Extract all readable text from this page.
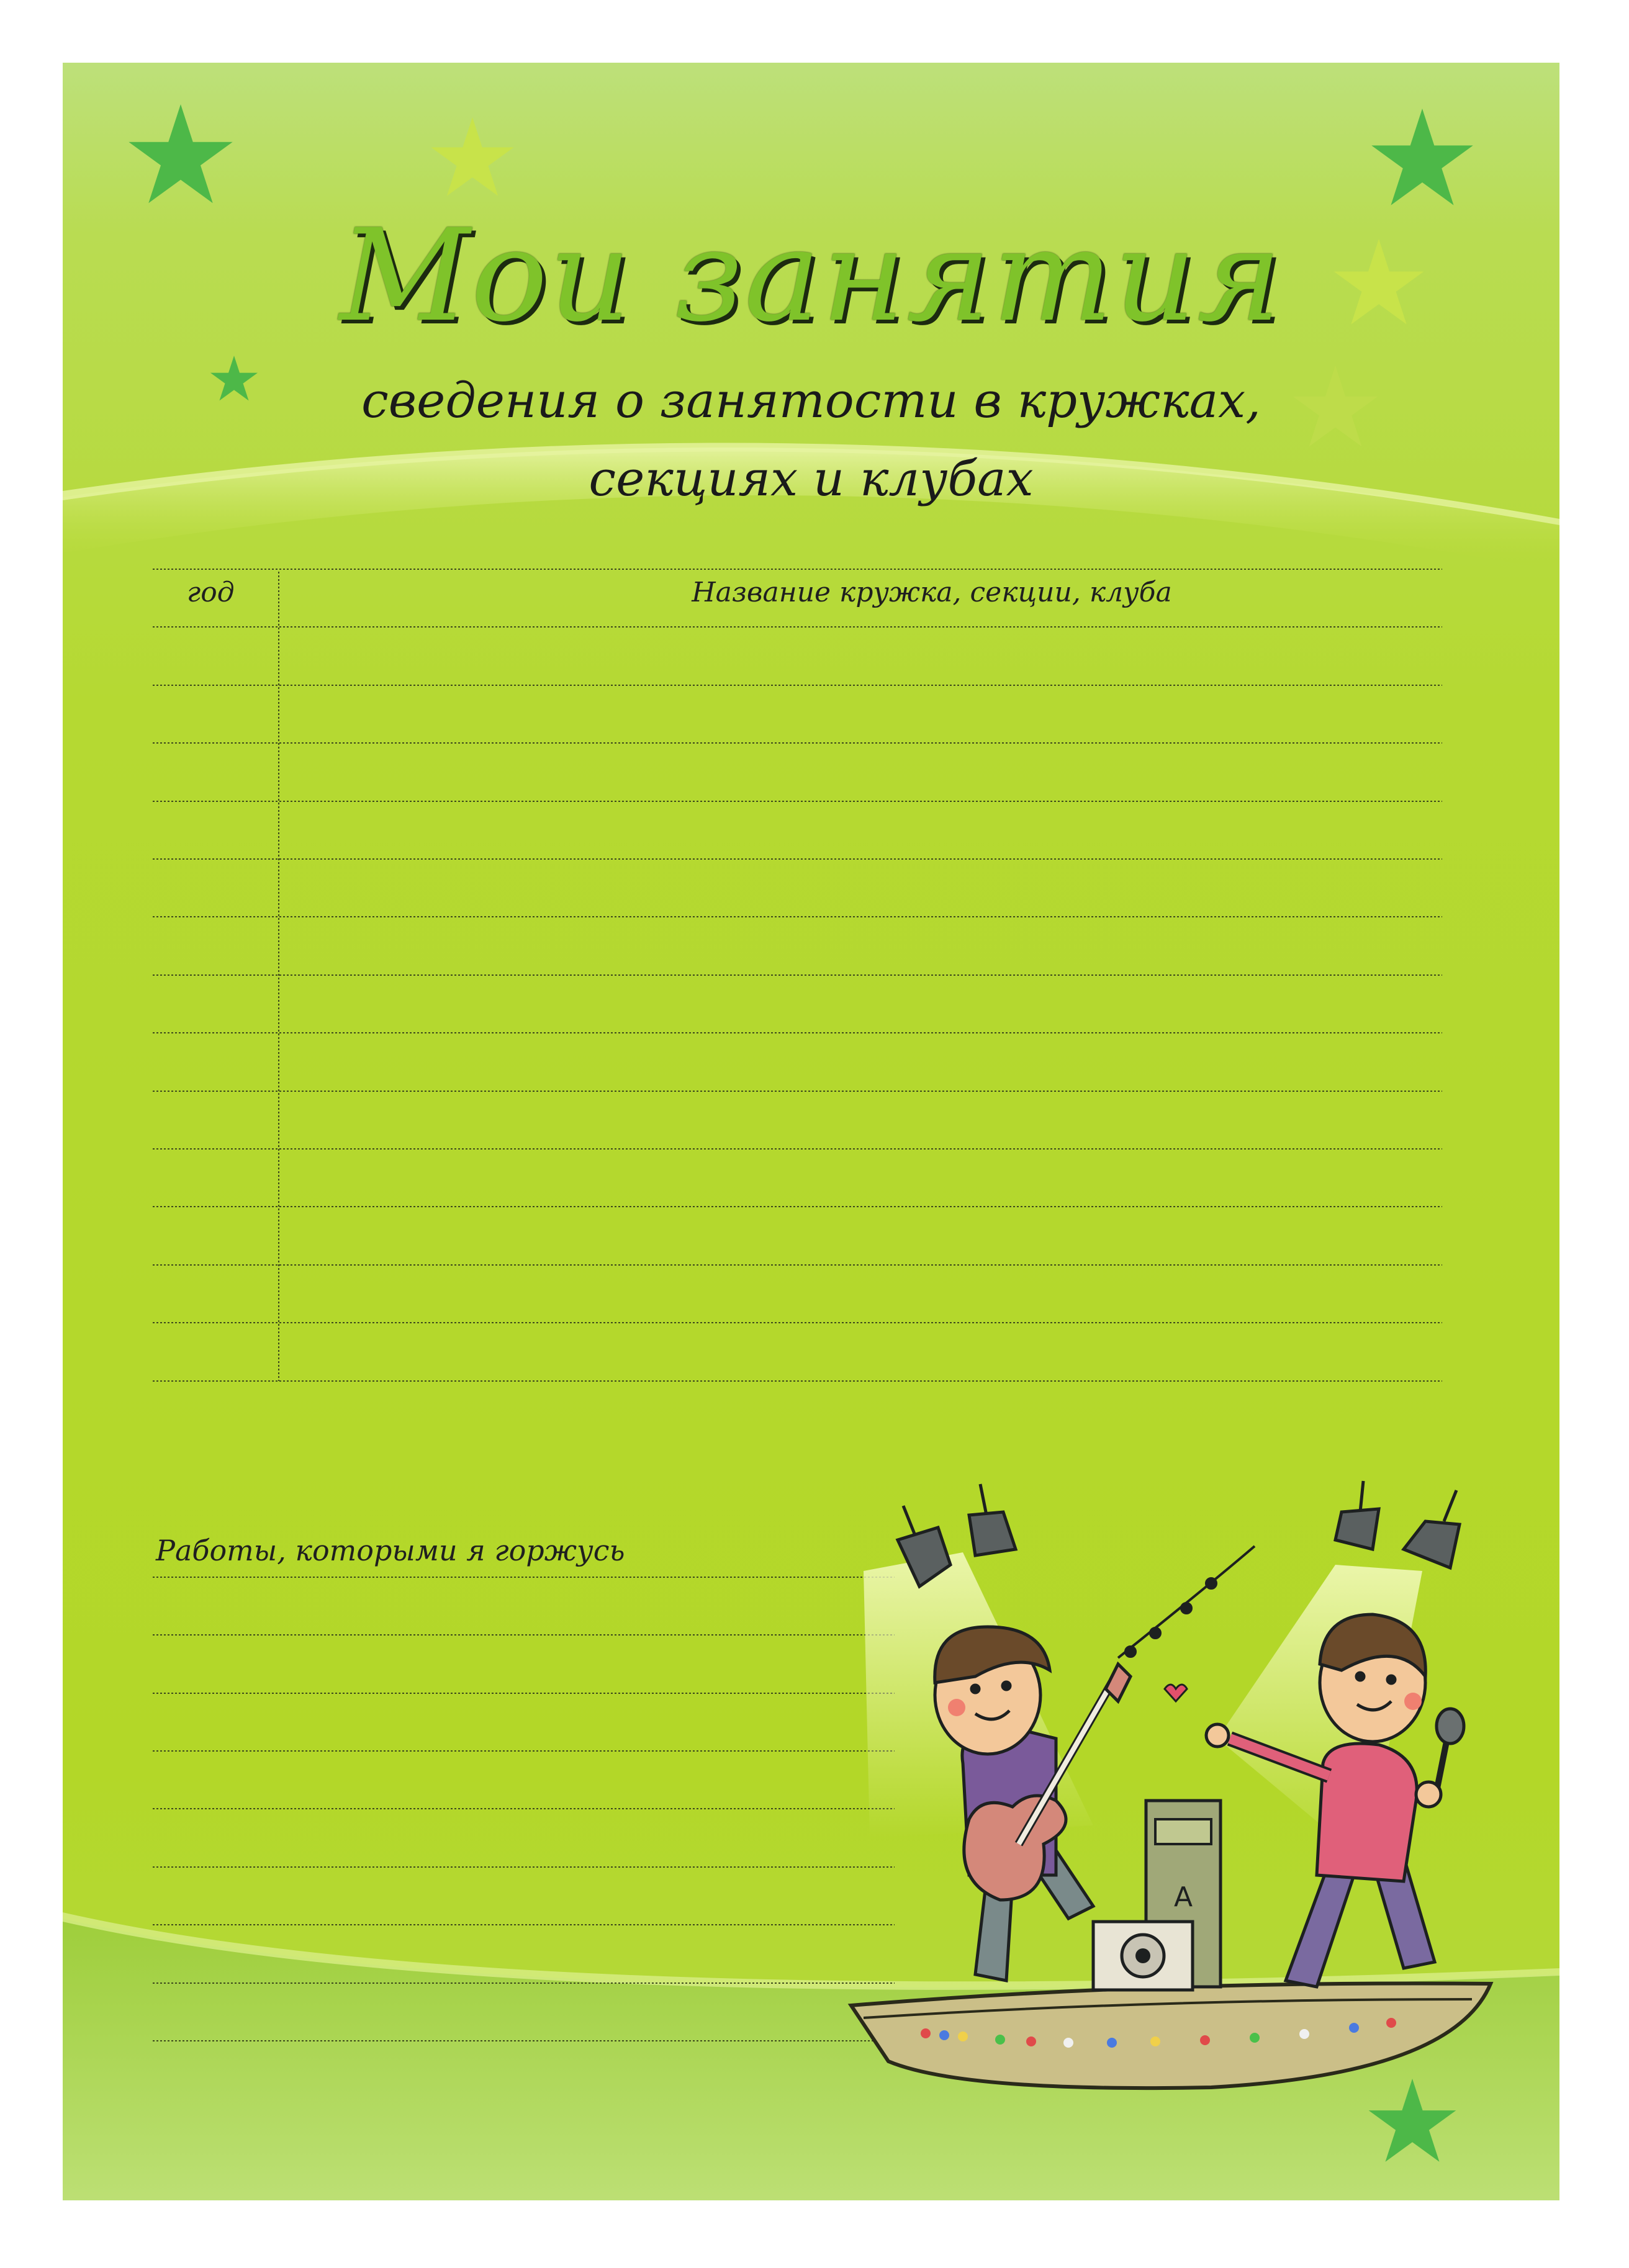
Мои занятия
сведения о занятости в кружках,
секциях и клубах
год	Название кружка, секции, клуба
Работы, которыми я горжусь
A
